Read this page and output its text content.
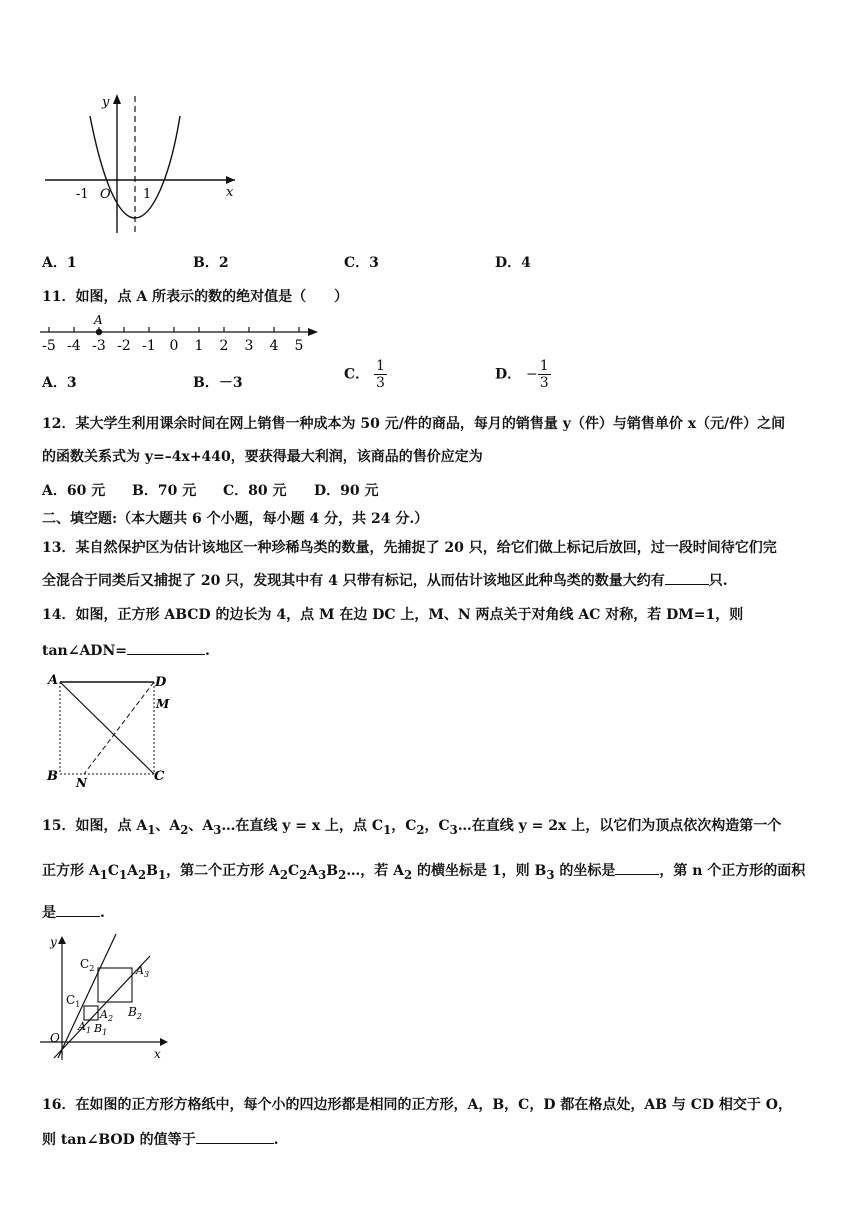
y
x
-1 O 1
A．1	B．2	C．3	D．4
11．如图，点 A 所表示的数的绝对值是（　　）
-5 -4 -3 -2 -1 0 1 2 3 4 5
A
A．3	B．－3
C． $\frac{1}{3}$	D． − $\frac{1}{3}$
12．某大学生利用课余时间在网上销售一种成本为 50 元/件的商品，每月的销售量 y（件）与销售单价 x（元/件）之间
的函数关系式为 y=–4x+440，要获得最大利润，该商品的售价应定为
A．60 元 B．70 元 C．80 元 D．90 元
二、填空题:（本大题共 6 个小题，每小题 4 分，共 24 分.）
13．某自然保护区为估计该地区一种珍稀鸟类的数量，先捕捉了 20 只，给它们做上标记后放回，过一段时间待它们完
全混合于同类后又捕捉了 20 只，发现其中有 4 只带有标记，从而估计该地区此种鸟类的数量大约有	只.
14．如图，正方形 ABCD 的边长为 4，点 M 在边 DC 上，M、N 两点关于对角线 AC 对称，若 DM=1，则
tan∠ADN=	.
A	D
M
B N	C
15．如图，点 $A_1$、$A_2$、$A_3\dots$在直线 y = x 上，点 $C_1$，$C_2$，$C_3\dots$在直线 y = 2x 上，以它们为顶点依次构造第一个
正方形 $A_1C_1A_2B_1$，第二个正方形 $A_2C_2A_3B_2\dots$，若 $A_2$ 的横坐标是 1，则 $B_3$ 的坐标是	，第 n 个正方形的面积
是	.
y
x
O
$C_1$
$C_2$
$A_1$ $B_1$
$A_2$ $B_2$
$A_3$
16．在如图的正方形方格纸中，每个小的四边形都是相同的正方形，A，B，C，D 都在格点处，AB 与 CD 相交于 O，
则 tan∠BOD 的值等于	.
